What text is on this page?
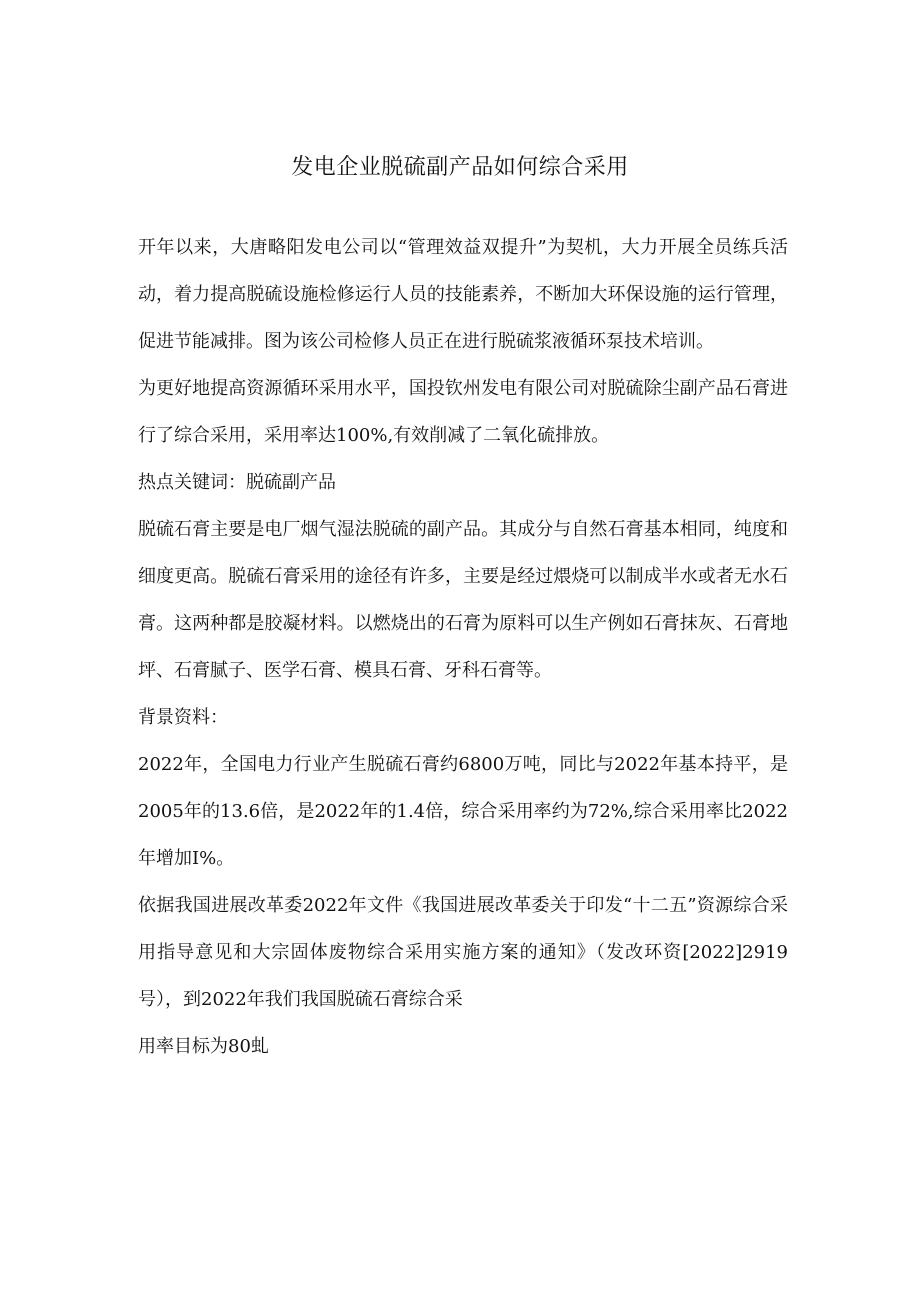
发电企业脱硫副产品如何综合采用

开年以来，大唐略阳发电公司以“管理效益双提升”为契机，大力开展全员练兵活动，着力提高脱硫设施检修运行人员的技能素养，不断加大环保设施的运行管理，促进节能减排。图为该公司检修人员正在进行脱硫浆液循环泵技术培训。

为更好地提高资源循环采用水平，国投钦州发电有限公司对脱硫除尘副产品石膏进行了综合采用，采用率达100%,有效削减了二氧化硫排放。

热点关键词：脱硫副产品

脱硫石膏主要是电厂烟气湿法脱硫的副产品。其成分与自然石膏基本相同，纯度和细度更高。脱硫石膏采用的途径有许多，主要是经过煨烧可以制成半水或者无水石膏。这两种都是胶凝材料。以燃烧出的石膏为原料可以生产例如石膏抹灰、石膏地坪、石膏腻子、医学石膏、模具石膏、牙科石膏等。

背景资料：

2022年，全国电力行业产生脱硫石膏约6800万吨，同比与2022年基本持平，是2005年的13.6倍，是2022年的1.4倍，综合采用率约为72%,综合采用率比2022年增加I%。

依据我国进展改革委2022年文件《我国进展改革委关于印发“十二五”资源综合采用指导意见和大宗固体废物综合采用实施方案的通知》（发改环资[2022]2919号），到2022年我们我国脱硫石膏综合采

用率目标为80虬
